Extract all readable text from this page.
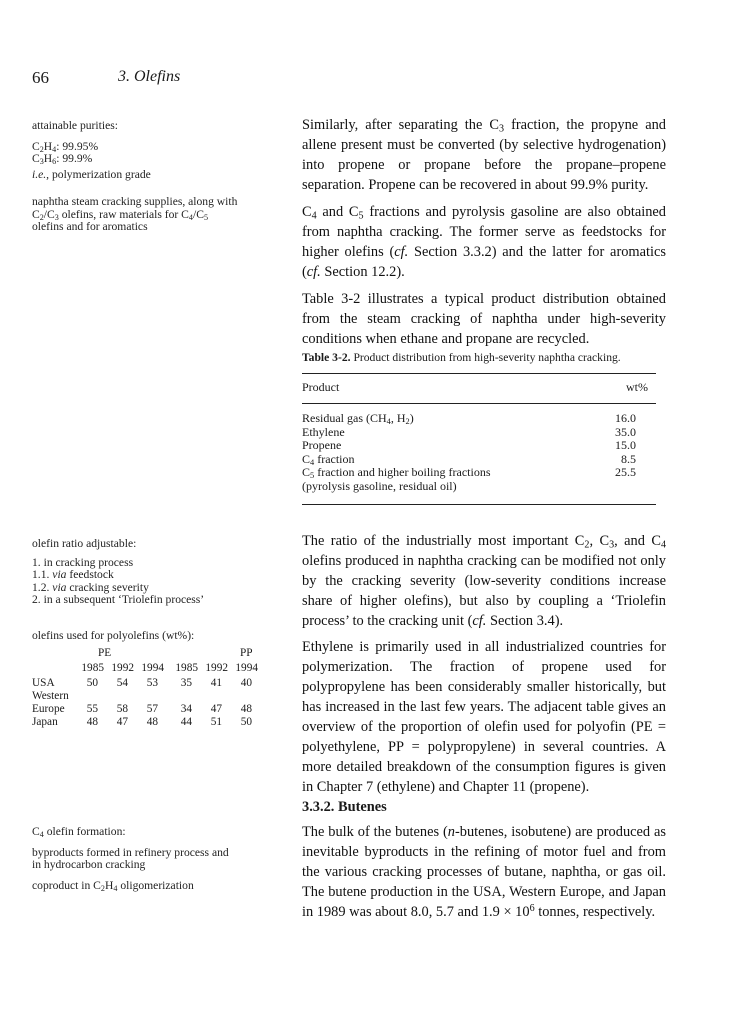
66	3. Olefins
attainable purities:
$C_2H_4$: 99.95%
$C_3H_6$: 99.9%
i.e., polymerization grade
naphtha steam cracking supplies, along with
$C_2/C_3$ olefins, raw materials for $C_4/C_5$
olefins and for aromatics
olefin ratio adjustable:
1. in cracking process
1.1. via feedstock
1.2. via cracking severity
2. in a subsequent ‘Triolefin process’
olefins used for polyolefins (wt%):
PE	PP
1985 1992 1994	1985 1992 1994
USA	50	54	53	35	41	40
Western
Europe	55	58	57	34	47	48
Japan	48	47	48	44	51	50
$C_4$ olefin formation:
byproducts formed in refinery process and
in hydrocarbon cracking
coproduct in $C_2H_4$ oligomerization

Similarly, after separating the $C_3$ fraction, the propyne and allene present must be converted (by selective hydrogenation) into propene or propane before the propane–propene separation. Propene can be recovered in about 99.9% purity.

$C_4$ and $C_5$ fractions and pyrolysis gasoline are also obtained from naphtha cracking. The former serve as feedstocks for higher olefins (cf. Section 3.3.2) and the latter for aromatics (cf. Section 12.2).

Table 3-2 illustrates a typical product distribution obtained from the steam cracking of naphtha under high-severity conditions when ethane and propane are recycled.

Table 3-2. Product distribution from high-severity naphtha cracking.
Product	wt%
Residual gas ($CH_4$, $H_2$)	16.0
Ethylene	35.0
Propene	15.0
$C_4$ fraction	8.5
$C_5$ fraction and higher boiling fractions	25.5
(pyrolysis gasoline, residual oil)

The ratio of the industrially most important $C_2$, $C_3$, and $C_4$ olefins produced in naphtha cracking can be modified not only by the cracking severity (low-severity conditions increase share of higher olefins), but also by coupling a ‘Triolefin process’ to the cracking unit (cf. Section 3.4).

Ethylene is primarily used in all industrialized countries for polymerization. The fraction of propene used for polypropylene has been considerably smaller historically, but has increased in the last few years. The adjacent table gives an overview of the proportion of olefin used for polyofin (PE = polyethylene, PP = polypropylene) in several countries. A more detailed breakdown of the consumption figures is given in Chapter 7 (ethylene) and Chapter 11 (propene).

3.3.2. Butenes

The bulk of the butenes (n-butenes, isobutene) are produced as inevitable byproducts in the refining of motor fuel and from the various cracking processes of butane, naphtha, or gas oil. The butene production in the USA, Western Europe, and Japan in 1989 was about 8.0, 5.7 and $1.9 \times 10^6$ tonnes, respectively.
